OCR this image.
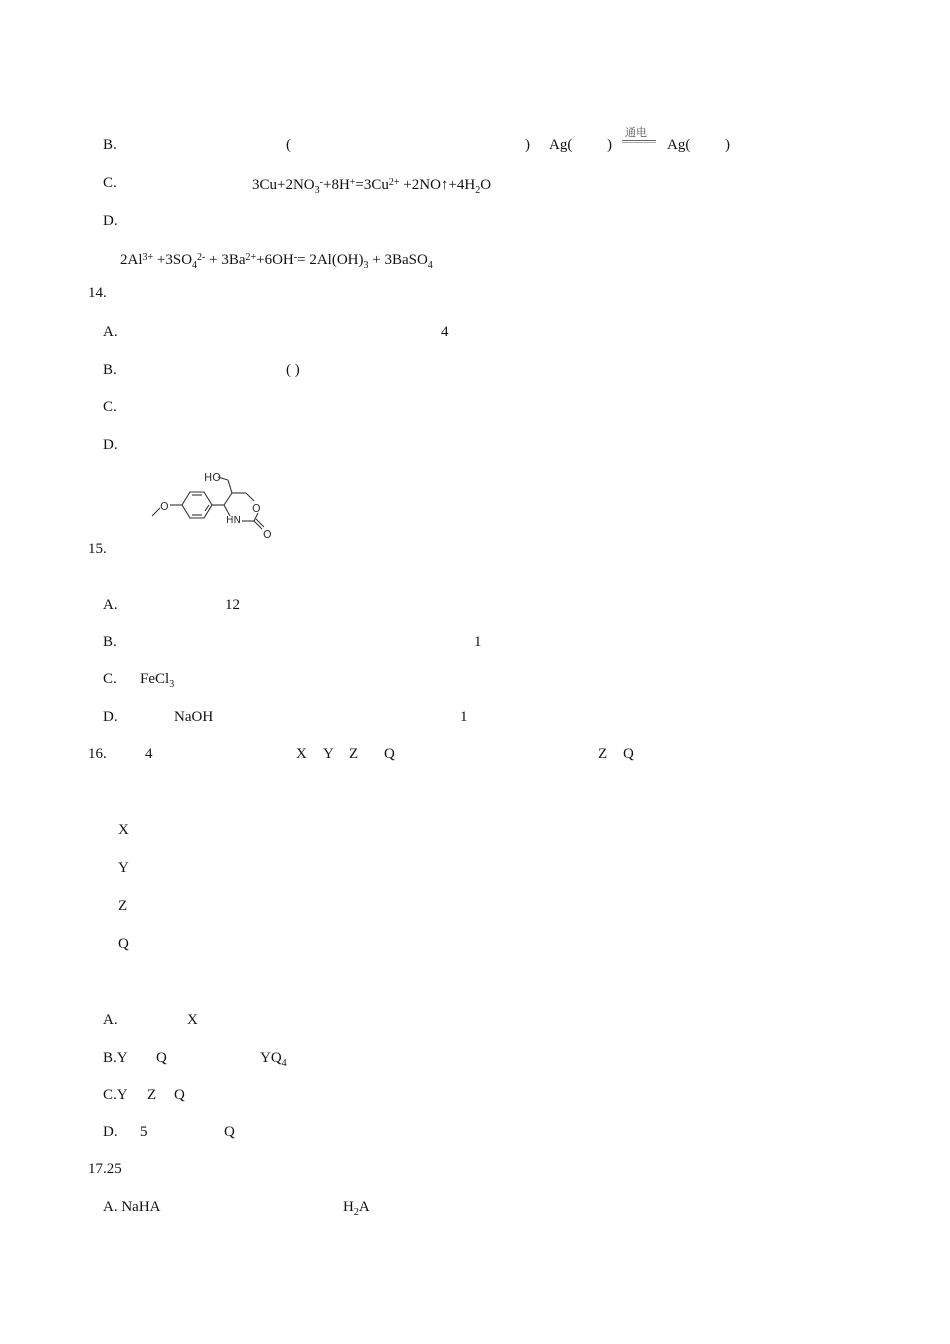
B.	(	) Ag( )
通电
Ag( )
C.	$3Cu+2NO_3^-+8H^+=3Cu^{2+}$ $+2NO↑+4H_2O$
D.
$2Al^{3+} +3SO_4^{2-} + 3Ba^{2+}+6OH^-= 2Al(OH)_3$ + 3BaSO$_4$
14.
A.	4
B.	( )
C.
D.
O
HO
HN
O
O
15.
A.	12
B.	1
C. FeCl$_3$
D.	NaOH	1
16.	4	X Y Z Q	Z Q
X
Y
Z
Q
A.	X
B.Y Q	$YQ_4$
C.Y Z Q
D. 5	Q
17.25
A. NaHA	$H_2A$
